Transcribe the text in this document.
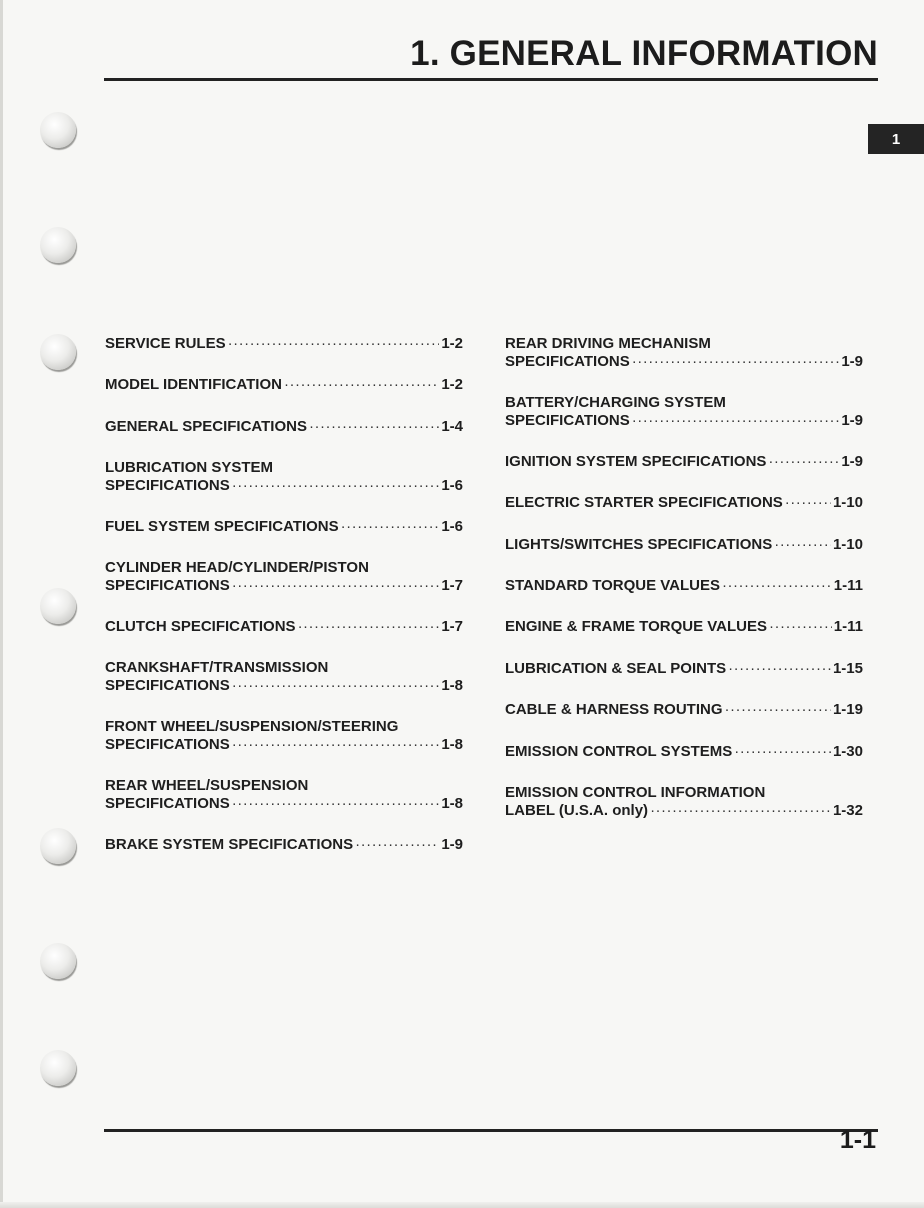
1. GENERAL INFORMATION
1
SERVICE RULES ·····	1-2
MODEL IDENTIFICATION ·····	1-2
GENERAL SPECIFICATIONS ·····	1-4
LUBRICATION SYSTEM
SPECIFICATIONS ·····	1-6
FUEL SYSTEM SPECIFICATIONS ·····	1-6
CYLINDER HEAD/CYLINDER/PISTON
SPECIFICATIONS ·····	1-7
CLUTCH SPECIFICATIONS ·····	1-7
CRANKSHAFT/TRANSMISSION
SPECIFICATIONS ·····	1-8
FRONT WHEEL/SUSPENSION/STEERING
SPECIFICATIONS ·····	1-8
REAR WHEEL/SUSPENSION
SPECIFICATIONS ·····	1-8
BRAKE SYSTEM SPECIFICATIONS ·····	1-9
REAR DRIVING MECHANISM
SPECIFICATIONS ·····	1-9
BATTERY/CHARGING SYSTEM
SPECIFICATIONS ·····	1-9
IGNITION SYSTEM SPECIFICATIONS ·····	1-9
ELECTRIC STARTER SPECIFICATIONS ·····	1-10
LIGHTS/SWITCHES SPECIFICATIONS ·····	1-10
STANDARD TORQUE VALUES ·····	1-11
ENGINE & FRAME TORQUE VALUES ·····	1-11
LUBRICATION & SEAL POINTS ·····	1-15
CABLE & HARNESS ROUTING ·····	1-19
EMISSION CONTROL SYSTEMS ·····	1-30
EMISSION CONTROL INFORMATION
LABEL (U.S.A. only) ·····	1-32
1-1
